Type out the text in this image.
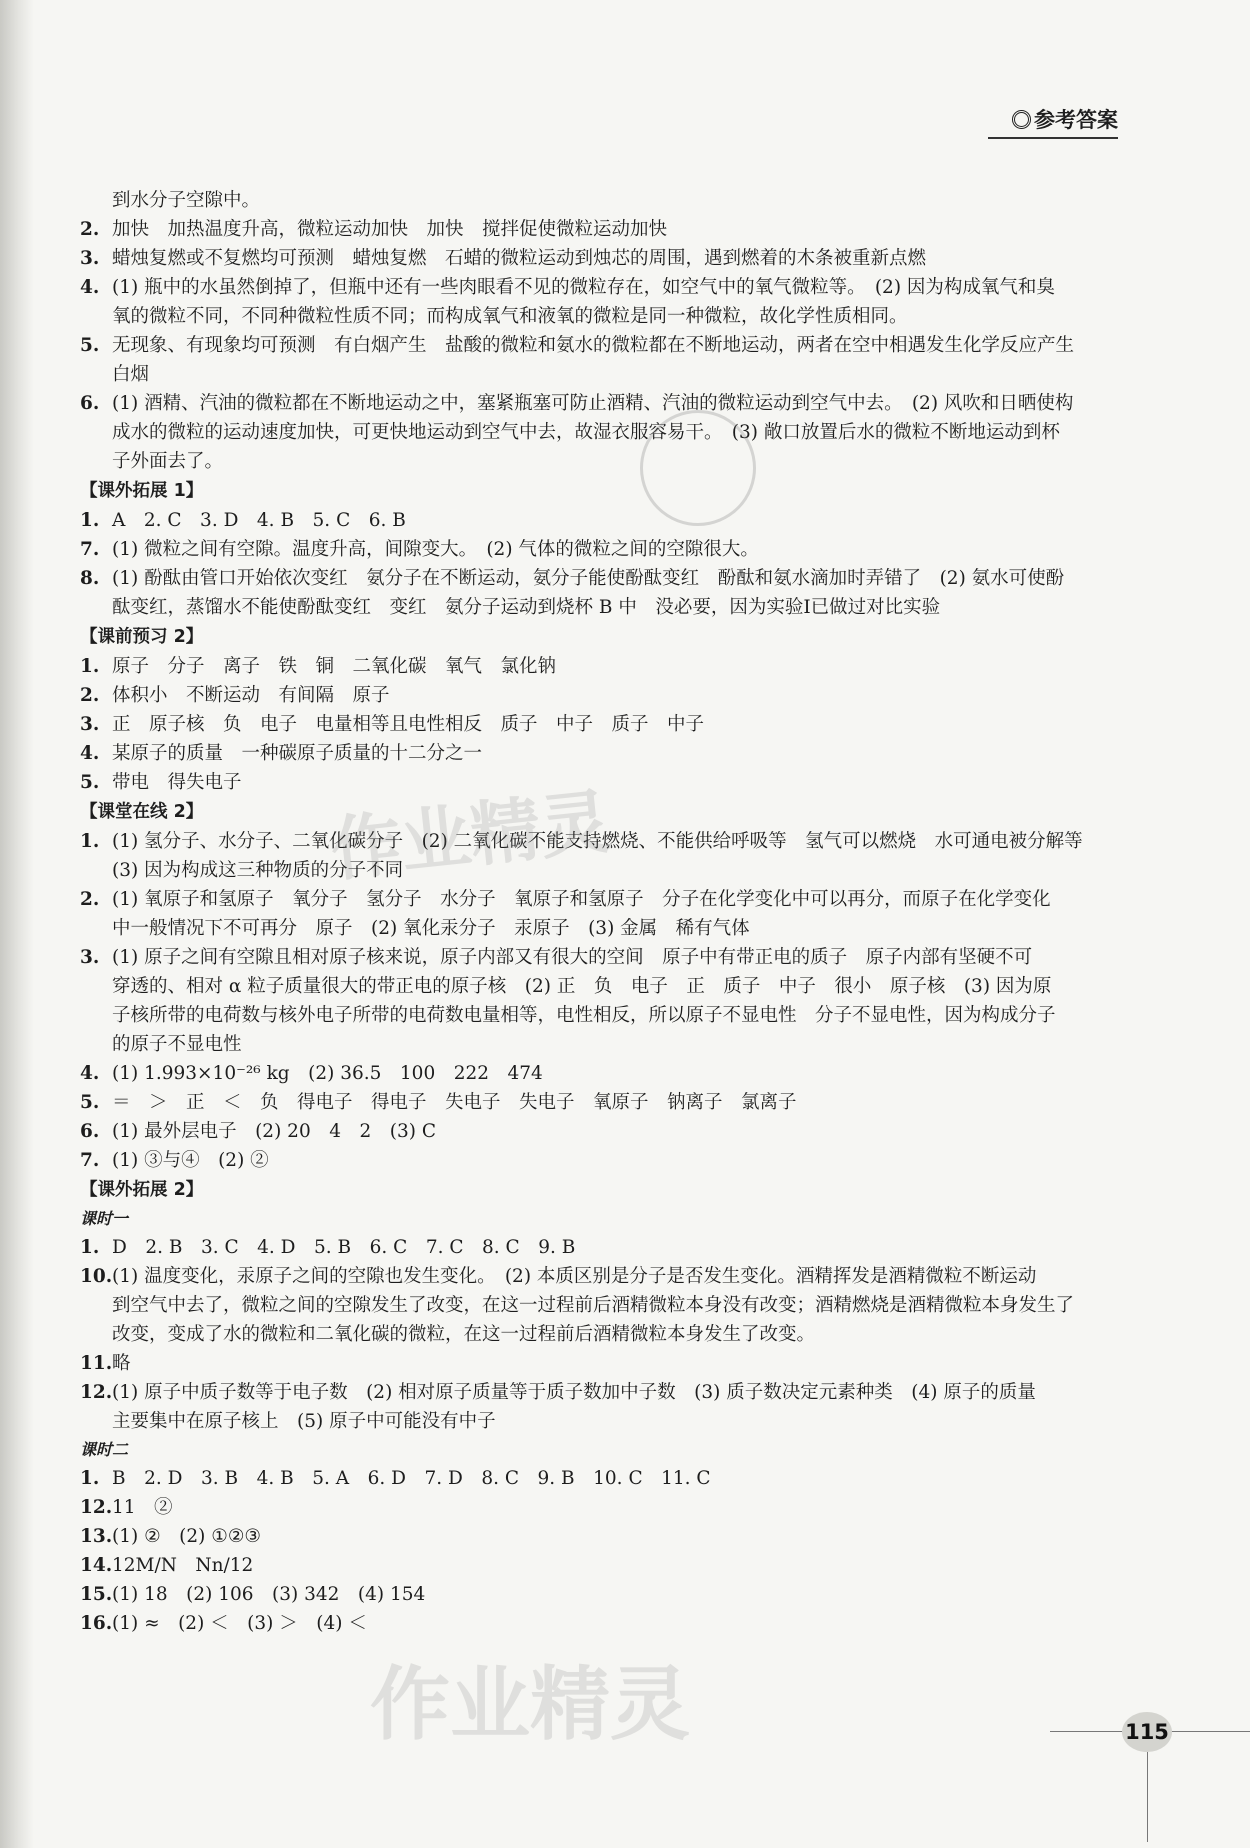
参考答案
到水分子空隙中。
2. 加快　加热温度升高，微粒运动加快　加快　搅拌促使微粒运动加快
3. 蜡烛复燃或不复燃均可预测　蜡烛复燃　石蜡的微粒运动到烛芯的周围，遇到燃着的木条被重新点燃
4. (1) 瓶中的水虽然倒掉了，但瓶中还有一些肉眼看不见的微粒存在，如空气中的氧气微粒等。　(2) 因为构成氧气和臭
氧的微粒不同，不同种微粒性质不同；而构成氧气和液氧的微粒是同一种微粒，故化学性质相同。
5. 无现象、有现象均可预测　有白烟产生　盐酸的微粒和氨水的微粒都在不断地运动，两者在空中相遇发生化学反应产生
白烟
6. (1) 酒精、汽油的微粒都在不断地运动之中，塞紧瓶塞可防止酒精、汽油的微粒运动到空气中去。　(2) 风吹和日晒使构
成水的微粒的运动速度加快，可更快地运动到空气中去，故湿衣服容易干。　(3) 敞口放置后水的微粒不断地运动到杯
子外面去了。
【课外拓展 1】
1. A　2. C　3. D　4. B　5. C　6. B
7. (1) 微粒之间有空隙。温度升高，间隙变大。　(2) 气体的微粒之间的空隙很大。
8. (1) 酚酞由管口开始依次变红　氨分子在不断运动，氨分子能使酚酞变红　酚酞和氨水滴加时弄错了　(2) 氨水可使酚
酞变红，蒸馏水不能使酚酞变红　变红　氨分子运动到烧杯 B 中　没必要，因为实验Ⅰ已做过对比实验
【课前预习 2】
1. 原子　分子　离子　铁　铜　二氧化碳　氧气　氯化钠
2. 体积小　不断运动　有间隔　原子
3. 正　原子核　负　电子　电量相等且电性相反　质子　中子　质子　中子
4. 某原子的质量　一种碳原子质量的十二分之一
5. 带电　得失电子
【课堂在线 2】
1. (1) 氢分子、水分子、二氧化碳分子　(2) 二氧化碳不能支持燃烧、不能供给呼吸等　氢气可以燃烧　水可通电被分解等
(3) 因为构成这三种物质的分子不同
2. (1) 氧原子和氢原子　氧分子　氢分子　水分子　氧原子和氢原子　分子在化学变化中可以再分，而原子在化学变化
中一般情况下不可再分　原子　(2) 氧化汞分子　汞原子　(3) 金属　稀有气体
3. (1) 原子之间有空隙且相对原子核来说，原子内部又有很大的空间　原子中有带正电的质子　原子内部有坚硬不可
穿透的、相对 α 粒子质量很大的带正电的原子核　(2) 正　负　电子　正　质子　中子　很小　原子核　(3) 因为原
子核所带的电荷数与核外电子所带的电荷数电量相等，电性相反，所以原子不显电性　分子不显电性，因为构成分子
的原子不显电性
4. (1) 1.993×10⁻²⁶ kg　(2) 36.5　100　222　474
5. ＝　＞　正　＜　负　得电子　得电子　失电子　失电子　氧原子　钠离子　氯离子
6. (1) 最外层电子　(2) 20　4　2　(3) C
7. (1) ③与④　(2) ②
【课外拓展 2】
课时一
1. D　2. B　3. C　4. D　5. B　6. C　7. C　8. C　9. B
10. (1) 温度变化，汞原子之间的空隙也发生变化。　(2) 本质区别是分子是否发生变化。酒精挥发是酒精微粒不断运动
到空气中去了，微粒之间的空隙发生了改变，在这一过程前后酒精微粒本身没有改变；酒精燃烧是酒精微粒本身发生了
改变，变成了水的微粒和二氧化碳的微粒，在这一过程前后酒精微粒本身发生了改变。
11. 略
12. (1) 原子中质子数等于电子数　(2) 相对原子质量等于质子数加中子数　(3) 质子数决定元素种类　(4) 原子的质量
主要集中在原子核上　(5) 原子中可能没有中子
课时二
1. B　2. D　3. B　4. B　5. A　6. D　7. D　8. C　9. B　10. C　11. C
12. 11　②
13. (1) ②　(2) ①②③
14. 12M/N　Nn/12
15. (1) 18　(2) 106　(3) 342　(4) 154
16. (1) ≈　(2) ＜　(3) ＞　(4) ＜
作业精灵
作业精灵	115
